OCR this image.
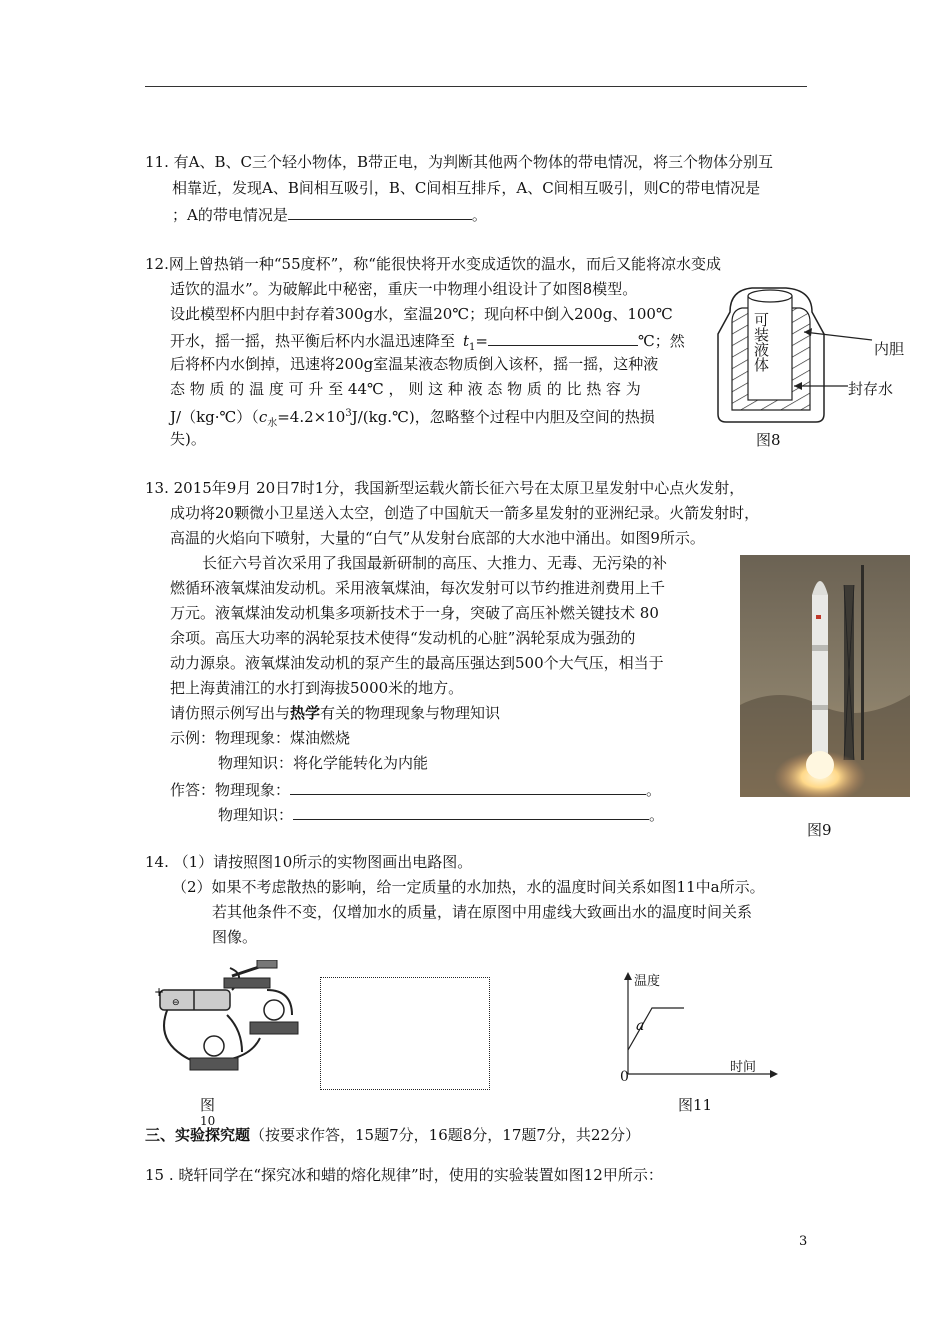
11. 有A、B、C三个轻小物体，B带正电，为判断其他两个物体的带电情况，将三个物体分别互
相靠近，发现A、B间相互吸引，B、C间相互排斥，A、C间相互吸引，则C的带电情况是
；A的带电情况是	。
12.网上曾热销一种“55度杯”，称“能很快将开水变成适饮的温水，而后又能将凉水变成
适饮的温水”。为破解此中秘密，重庆一中物理小组设计了如图8模型。
设此模型杯内胆中封存着300g水，室温20℃；现向杯中倒入200g、100℃
开水，摇一摇，热平衡后杯内水温迅速降至 $t_1=$	℃；然
后将杯内水倒掉，迅速将200g室温某液态物质倒入该杯，摇一摇，这种液
态 物 质 的 温 度 可 升 至 44℃ ， 则 这 种 液 态 物 质 的 比 热 容 为
$J/(kg\cdot℃)(c_水=4.2\times 10^3J/(kg.℃)$，忽略整个过程中内胆及空间的热损
失)。
可装液体
内胆
封存水
图8
13. 2015年9月 20日7时1分，我国新型运载火箭长征六号在太原卫星发射中心点火发射，
成功将20颗微小卫星送入太空，创造了中国航天一箭多星发射的亚洲纪录。火箭发射时，
高温的火焰向下喷射，大量的“白气”从发射台底部的大水池中涌出。如图9所示。
长征六号首次采用了我国最新研制的高压、大推力、无毒、无污染的补
燃循环液氧煤油发动机。采用液氧煤油，每次发射可以节约推进剂费用上千
万元。液氧煤油发动机集多项新技术于一身，突破了高压补燃关键技术 80
余项。高压大功率的涡轮泵技术使得“发动机的心脏”涡轮泵成为强劲的
动力源泉。液氧煤油发动机的泵产生的最高压强达到500个大气压，相当于
把上海黄浦江的水打到海拔5000米的地方。
请仿照示例写出与热学有关的物理现象与物理知识
示例：物理现象：煤油燃烧
物理知识：将化学能转化为内能
作答：物理现象：	。
物理知识：	。
图9
14. （1）请按照图10所示的实物图画出电路图。
（2）如果不考虑散热的影响，给一定质量的水加热，水的温度时间关系如图11中a所示。
若其他条件不变，仅增加水的质量，请在原图中用虚线大致画出水的温度时间关系
图像。
+
⊖
图
10
温度
时间
0
a
图11
三、实验探究题（按要求作答，15题7分，16题8分，17题7分，共22分）
15 . 晓轩同学在“探究冰和蜡的熔化规律”时，使用的实验装置如图12甲所示：
3
